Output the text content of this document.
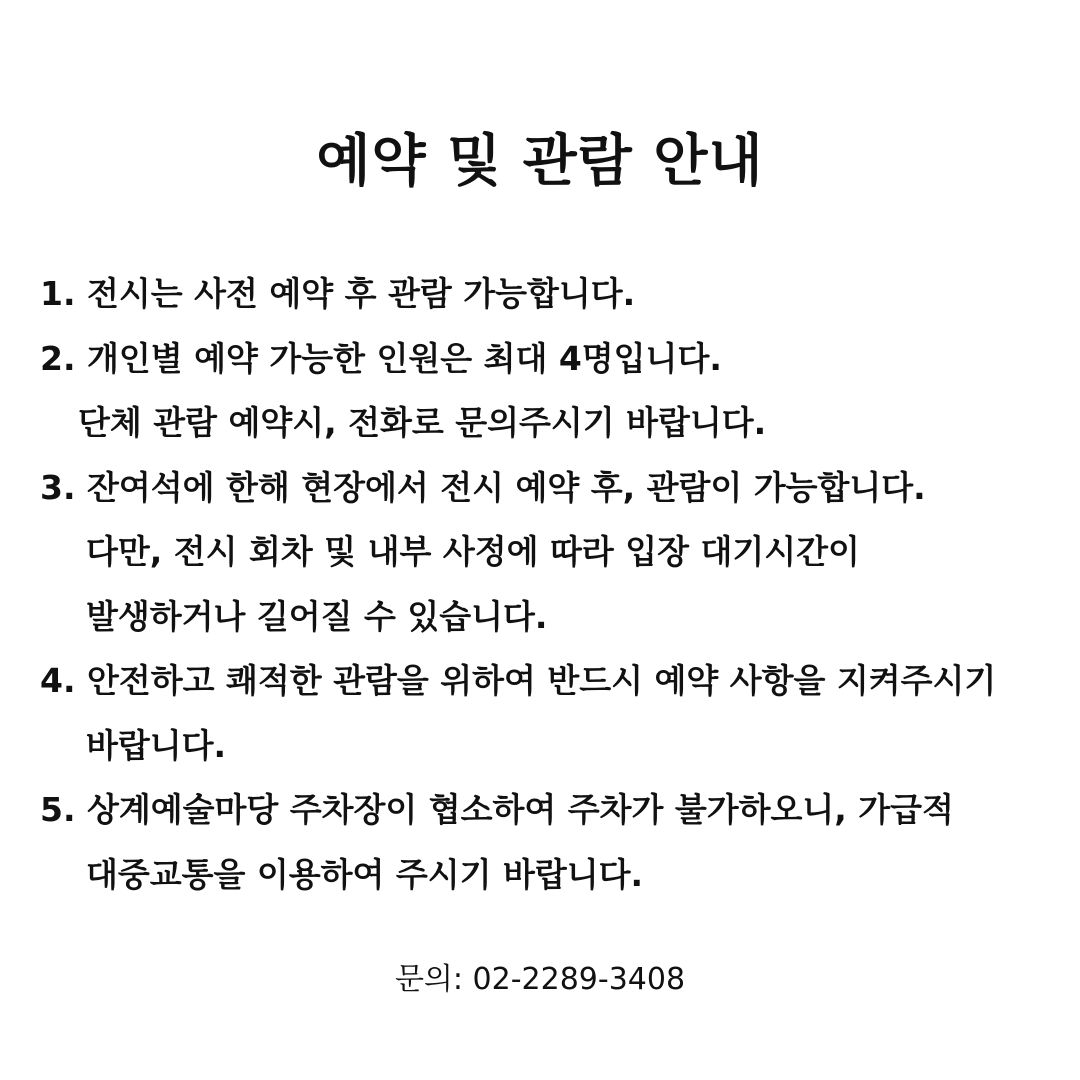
예약 및 관람 안내
1. 전시는 사전 예약 후 관람 가능합니다.
2. 개인별 예약 가능한 인원은 최대 4명입니다.
단체 관람 예약시, 전화로 문의주시기 바랍니다.
3. 잔여석에 한해 현장에서 전시 예약 후, 관람이 가능합니다.
다만, 전시 회차 및 내부 사정에 따라 입장 대기시간이
발생하거나 길어질 수 있습니다.
4. 안전하고 쾌적한 관람을 위하여 반드시 예약 사항을 지켜주시기
바랍니다.
5. 상계예술마당 주차장이 협소하여 주차가 불가하오니, 가급적
대중교통을 이용하여 주시기 바랍니다.
문의: 02-2289-3408
